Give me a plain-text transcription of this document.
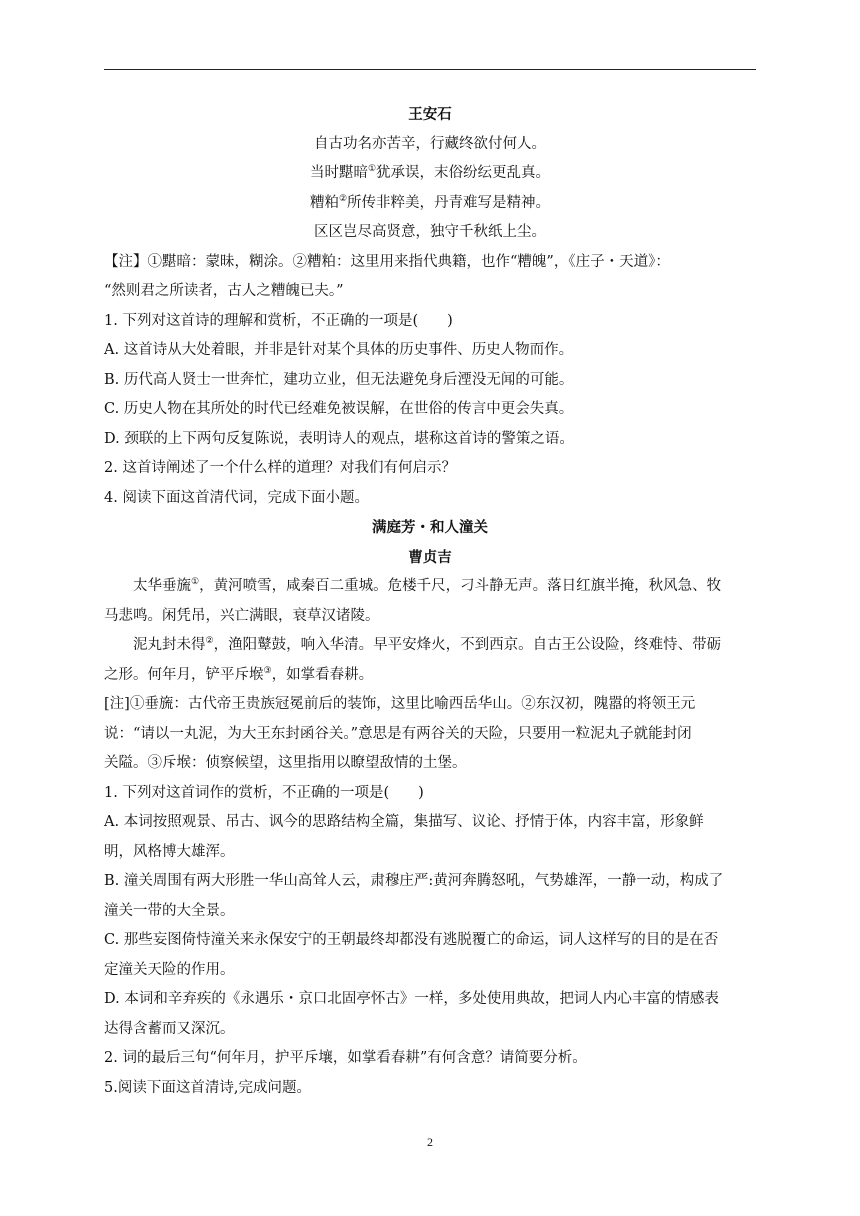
王安石
自古功名亦苦辛，行藏终欲付何人。
当时黮暗①犹承误，末俗纷纭更乱真。
糟粕②所传非粹美，丹青难写是精神。
区区岂尽高贤意，独守千秋纸上尘。
【注】①黮暗：蒙昧，糊涂。②糟粕：这里用来指代典籍，也作“糟魄”，《庄子・天道》：
“然则君之所读者，古人之糟魄已夫。”
1. 下列对这首诗的理解和赏析，不正确的一项是(　　)
A. 这首诗从大处着眼，并非是针对某个具体的历史事件、历史人物而作。
B. 历代高人贤士一世奔忙，建功立业，但无法避免身后湮没无闻的可能。
C. 历史人物在其所处的时代已经难免被误解，在世俗的传言中更会失真。
D. 颈联的上下两句反复陈说，表明诗人的观点，堪称这首诗的警策之语。
2. 这首诗阐述了一个什么样的道理？对我们有何启示？
4. 阅读下面这首清代词，完成下面小题。
满庭芳・和人潼关
曹贞吉
太华垂旒①，黄河喷雪，咸秦百二重城。危楼千尺，刁斗静无声。落日红旗半掩，秋风急、牧
马悲鸣。闲凭吊，兴亡满眼，衰草汉诸陵。
泥丸封未得②，渔阳鼙鼓，响入华清。早平安烽火，不到西京。自古王公设险，终难恃、带砺
之形。何年月，铲平斥堠③，如掌看春耕。
[注]①垂旒：古代帝王贵族冠冕前后的装饰，这里比喻西岳华山。②东汉初，隗嚣的将领王元
说：“请以一丸泥，为大王东封函谷关。”意思是有两谷关的天险，只要用一粒泥丸子就能封闭
关隘。③斥堠：侦察候望，这里指用以瞭望敌情的土堡。
1. 下列对这首词作的赏析，不正确的一项是(　　)
A. 本词按照观景、吊古、讽今的思路结构全篇，集描写、议论、抒情于体，内容丰富，形象鲜
明，风格博大雄浑。
B. 潼关周围有两大形胜一华山高耸人云，肃穆庄严:黄河奔腾怒吼，气势雄浑，一静一动，构成了
潼关一带的大全景。
C. 那些妄图倚恃潼关来永保安宁的王朝最终却都没有逃脱覆亡的命运，词人这样写的目的是在否
定潼关天险的作用。
D. 本词和辛弃疾的《永遇乐・京口北固亭怀古》一样，多处使用典故，把词人内心丰富的情感表
达得含蓄而又深沉。
2. 词的最后三句“何年月，护平斥壤，如掌看春耕”有何含意？请简要分析。
5.阅读下面这首清诗,完成问题。
2
